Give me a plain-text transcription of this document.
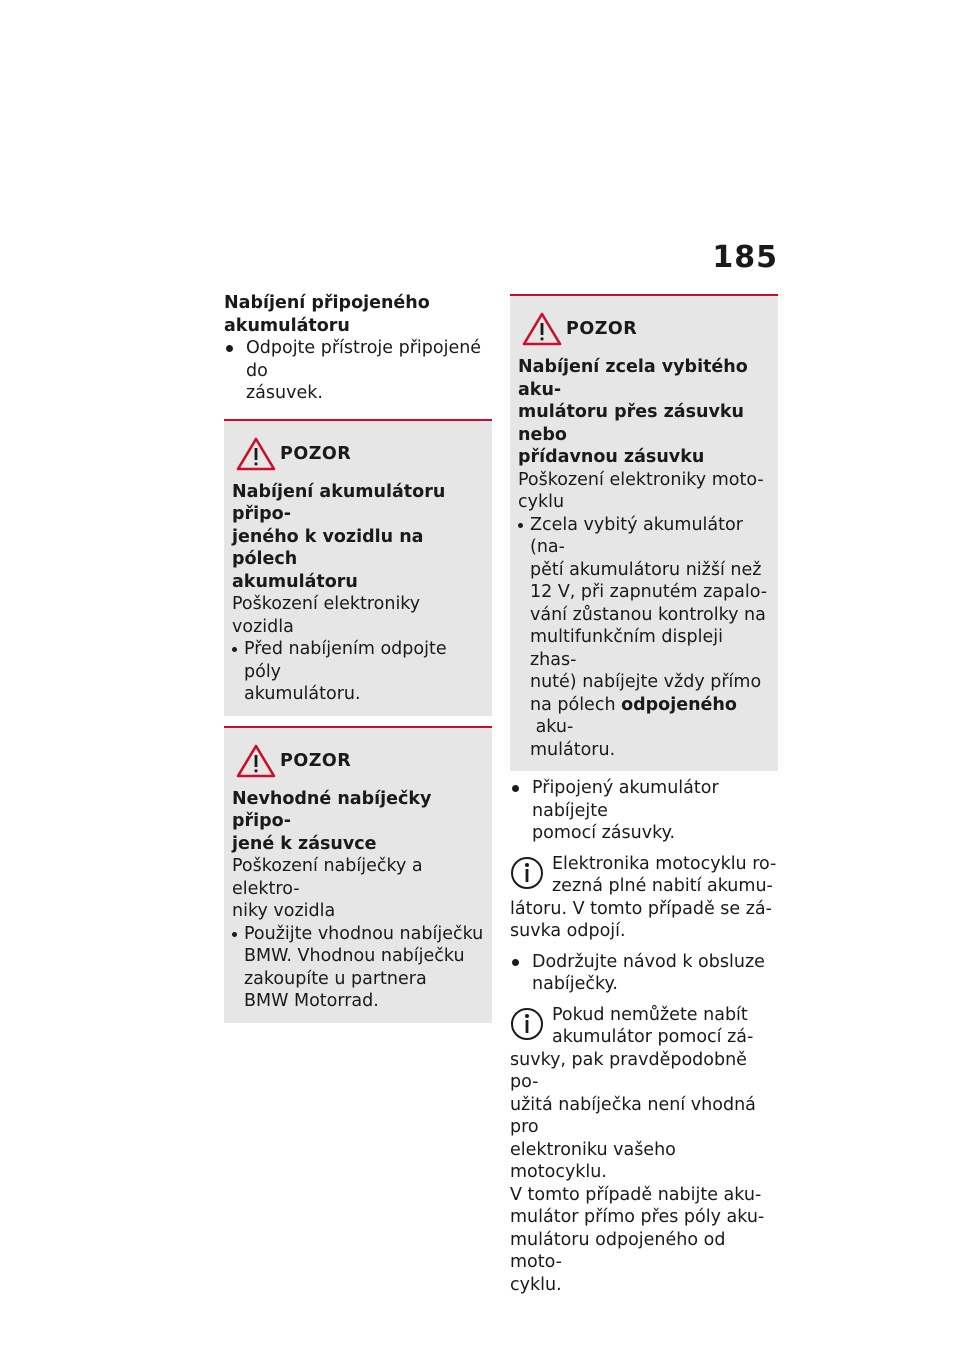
185
Nabíjení připojeného
akumulátoru
Odpojte přístroje připojené do
zásuvek.
POZOR
Nabíjení akumulátoru připo-
jeného k vozidlu na pólech
akumulátoru
Poškození elektroniky vozidla
Před nabíjením odpojte póly
akumulátoru.
POZOR
Nevhodné nabíječky připo-
jené k zásuvce
Poškození nabíječky a elektro-
niky vozidla
Použijte vhodnou nabíječku
BMW. Vhodnou nabíječku
zakoupíte u partnera
BMW Motorrad.
POZOR
Nabíjení zcela vybitého aku-
mulátoru přes zásuvku nebo
přídavnou zásuvku
Poškození elektroniky moto-
cyklu
Zcela vybitý akumulátor (na-
pětí akumulátoru nižší než
12 V, při zapnutém zapalo-
vání zůstanou kontrolky na
multifunkčním displeji zhas-
nuté) nabíjejte vždy přímo
na pólech odpojeného aku-
mulátoru.
Připojený akumulátor nabíjejte
pomocí zásuvky.
Elektronika motocyklu ro-
zezná plné nabití akumu-
látoru. V tomto případě se zá-
suvka odpojí.
Dodržujte návod k obsluze
nabíječky.
Pokud nemůžete nabít
akumulátor pomocí zá-
suvky, pak pravděpodobně po-
užitá nabíječka není vhodná pro
elektroniku vašeho motocyklu.
V tomto případě nabijte aku-
mulátor přímo přes póly aku-
mulátoru odpojeného od moto-
cyklu.
